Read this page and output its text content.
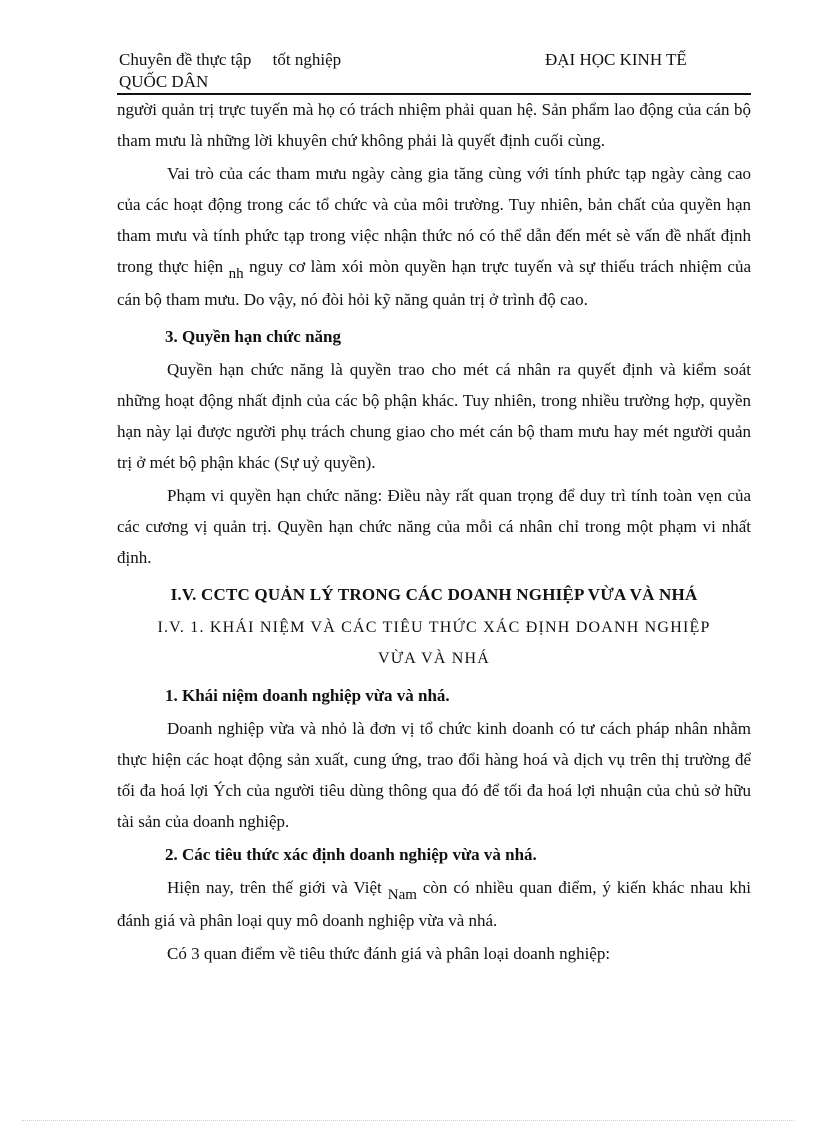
Chuyên đề thực tập     tốt nghiệp
QUỐC DÂN
ĐẠI HỌC KINH TẾ

người quản trị trực tuyến mà họ có trách nhiệm phải quan hệ. Sản phẩm lao động của cán bộ tham mưu là những lời khuyên chứ không phải là quyết định cuối cùng.

Vai trò của các tham mưu ngày càng gia tăng cùng với tính phức tạp ngày càng cao của các hoạt động trong các tổ chức và của môi trường. Tuy nhiên, bản chất của quyền hạn tham mưu và tính phức tạp trong việc nhận thức nó có thể dẫn đến mét sè vấn đề nhất định trong thực hiện nh nguy cơ làm xói mòn quyền hạn trực tuyến và sự thiếu trách nhiệm của cán bộ tham mưu. Do vậy, nó đòi hỏi kỹ năng quản trị ở trình độ cao.

3. Quyền hạn chức năng

Quyền hạn chức năng là quyền trao cho mét cá nhân ra quyết định và kiểm soát những hoạt động nhất định của các bộ phận khác. Tuy nhiên, trong nhiều trường hợp, quyền hạn này lại được người phụ trách chung giao cho mét cán bộ tham mưu hay mét người quản trị ở mét bộ phận khác (Sự uỷ quyền).

Phạm vi quyền hạn chức năng: Điều này rất quan trọng để duy trì tính toàn vẹn của các cương vị quản trị. Quyền hạn chức năng của mỗi cá nhân chỉ trong một phạm vi nhất định.

I.V. CCTC QUẢN LÝ TRONG CÁC DOANH NGHIỆP VỪA VÀ NHÁ

I.V. 1. KHÁI NIỆM VÀ CÁC TIÊU THỨC XÁC ĐỊNH DOANH NGHIỆP

VỪA VÀ NHÁ

1. Khái niệm doanh nghiệp vừa và nhá.

Doanh nghiệp vừa và nhỏ là đơn vị tổ chức kinh doanh có tư cách pháp nhân nhằm thực hiện các hoạt động sản xuất, cung ứng, trao đổi hàng hoá và dịch vụ trên thị trường để tối đa hoá lợi Ých của người tiêu dùng thông qua đó để tối đa hoá lợi nhuận của chủ sở hữu tài sản của doanh nghiệp.

2. Các tiêu thức xác định doanh nghiệp vừa và nhá.

Hiện nay, trên thế giới và Việt Nam còn có nhiều quan điểm, ý kiến khác nhau khi đánh giá và phân loại quy mô doanh nghiệp vừa và nhá.

Có 3 quan điểm về tiêu thức đánh giá và phân loại doanh nghiệp:
